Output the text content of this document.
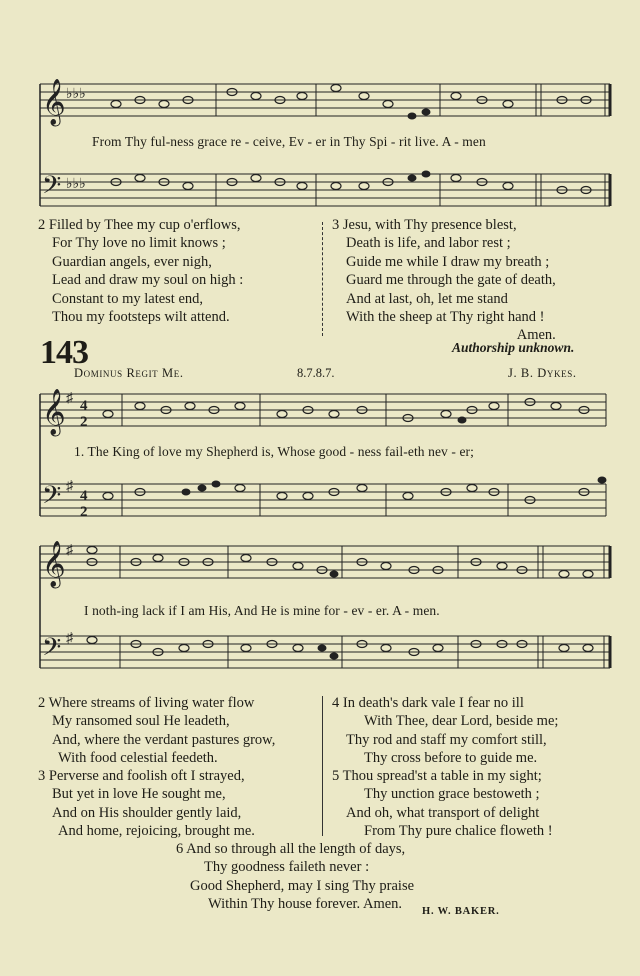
𝄞
𝄢
♭♭♭
♭♭♭
From Thy ful-ness grace re - ceive, Ev - er in Thy Spi - rit live. A - men
2 Filled by Thee my cup o'erflows,
For Thy love no limit knows ;
Guardian angels, ever nigh,
Lead and draw my soul on high :
Constant to my latest end,
Thou my footsteps wilt attend.
3 Jesu, with Thy presence blest,
Death is life, and labor rest ;
Guide me while I draw my breath ;
Guard me through the gate of death,
And at last, oh, let me stand
With the sheep at Thy right hand !
Amen.
Authorship unknown.
143
Dominus Regit Me.	8.7.8.7.	J. B. Dykes.
𝄞
𝄢
♯
♯
4
2
4
2
1. The King of love my Shepherd is, Whose good - ness fail-eth nev - er;
𝄞
𝄢
♯
♯
I noth-ing lack if I am His, And He is mine for - ev - er. A - men.
2 Where streams of living water flow
My ransomed soul He leadeth,
And, where the verdant pastures grow,
With food celestial feedeth.
3 Perverse and foolish oft I strayed,
But yet in love He sought me,
And on His shoulder gently laid,
And home, rejoicing, brought me.
4 In death's dark vale I fear no ill
With Thee, dear Lord, beside me;
Thy rod and staff my comfort still,
Thy cross before to guide me.
5 Thou spread'st a table in my sight;
Thy unction grace bestoweth ;
And oh, what transport of delight
From Thy pure chalice floweth !
6 And so through all the length of days,
Thy goodness faileth never :
Good Shepherd, may I sing Thy praise
Within Thy house forever. Amen.	H. W. BAKER.
